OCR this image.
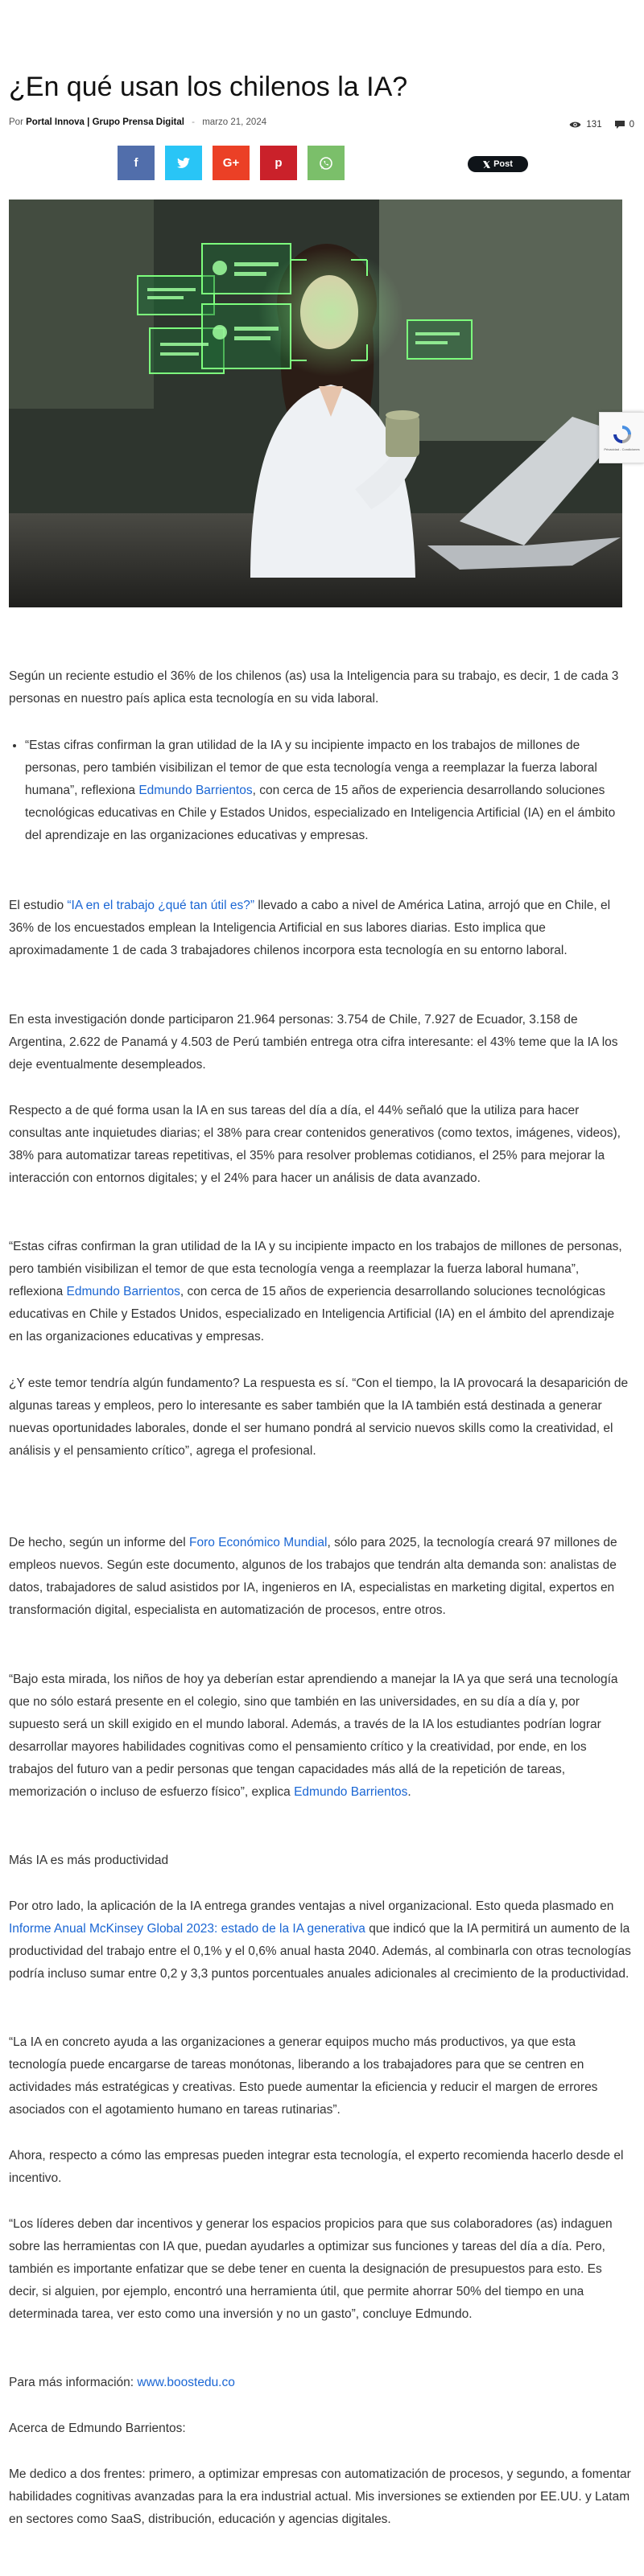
¿En qué usan los chilenos la IA?
Por Portal Innova | Grupo Prensa Digital - marzo 21, 2024	131	0
f	G+	p	Post
Privacidad - Condiciones

Según un reciente estudio el 36% de los chilenos (as) usa la Inteligencia para su trabajo, es decir, 1 de cada 3 personas en nuestro país aplica esta tecnología en su vida laboral.

• “Estas cifras confirman la gran utilidad de la IA y su incipiente impacto en los trabajos de millones de personas, pero también visibilizan el temor de que esta tecnología venga a reemplazar la fuerza laboral humana”, reflexiona Edmundo Barrientos, con cerca de 15 años de experiencia desarrollando soluciones tecnológicas educativas en Chile y Estados Unidos, especializado en Inteligencia Artificial (IA) en el ámbito del aprendizaje en las organizaciones educativas y empresas.

El estudio “IA en el trabajo ¿qué tan útil es?” llevado a cabo a nivel de América Latina, arrojó que en Chile, el 36% de los encuestados emplean la Inteligencia Artificial en sus labores diarias. Esto implica que aproximadamente 1 de cada 3 trabajadores chilenos incorpora esta tecnología en su entorno laboral.

En esta investigación donde participaron 21.964 personas: 3.754 de Chile, 7.927 de Ecuador, 3.158 de Argentina, 2.622 de Panamá y 4.503 de Perú también entrega otra cifra interesante: el 43% teme que la IA los deje eventualmente desempleados.

Respecto a de qué forma usan la IA en sus tareas del día a día, el 44% señaló que la utiliza para hacer consultas ante inquietudes diarias; el 38% para crear contenidos generativos (como textos, imágenes, videos), 38% para automatizar tareas repetitivas, el 35% para resolver problemas cotidianos, el 25% para mejorar la interacción con entornos digitales; y el 24% para hacer un análisis de data avanzado.

“Estas cifras confirman la gran utilidad de la IA y su incipiente impacto en los trabajos de millones de personas, pero también visibilizan el temor de que esta tecnología venga a reemplazar la fuerza laboral humana”, reflexiona Edmundo Barrientos, con cerca de 15 años de experiencia desarrollando soluciones tecnológicas educativas en Chile y Estados Unidos, especializado en Inteligencia Artificial (IA) en el ámbito del aprendizaje en las organizaciones educativas y empresas.

¿Y este temor tendría algún fundamento? La respuesta es sí. “Con el tiempo, la IA provocará la desaparición de algunas tareas y empleos, pero lo interesante es saber también que la IA también está destinada a generar nuevas oportunidades laborales, donde el ser humano pondrá al servicio nuevos skills como la creatividad, el análisis y el pensamiento crítico”, agrega el profesional.

De hecho, según un informe del Foro Económico Mundial, sólo para 2025, la tecnología creará 97 millones de empleos nuevos. Según este documento, algunos de los trabajos que tendrán alta demanda son: analistas de datos, trabajadores de salud asistidos por IA, ingenieros en IA, especialistas en marketing digital, expertos en transformación digital, especialista en automatización de procesos, entre otros.

“Bajo esta mirada, los niños de hoy ya deberían estar aprendiendo a manejar la IA ya que será una tecnología que no sólo estará presente en el colegio, sino que también en las universidades, en su día a día y, por supuesto será un skill exigido en el mundo laboral. Además, a través de la IA los estudiantes podrían lograr desarrollar mayores habilidades cognitivas como el pensamiento crítico y la creatividad, por ende, en los trabajos del futuro van a pedir personas que tengan capacidades más allá de la repetición de tareas, memorización o incluso de esfuerzo físico”, explica Edmundo Barrientos.

Más IA es más productividad

Por otro lado, la aplicación de la IA entrega grandes ventajas a nivel organizacional. Esto queda plasmado en Informe Anual McKinsey Global 2023: estado de la IA generativa que indicó que la IA permitirá un aumento de la productividad del trabajo entre el 0,1% y el 0,6% anual hasta 2040. Además, al combinarla con otras tecnologías podría incluso sumar entre 0,2 y 3,3 puntos porcentuales anuales adicionales al crecimiento de la productividad.

“La IA en concreto ayuda a las organizaciones a generar equipos mucho más productivos, ya que esta tecnología puede encargarse de tareas monótonas, liberando a los trabajadores para que se centren en actividades más estratégicas y creativas. Esto puede aumentar la eficiencia y reducir el margen de errores asociados con el agotamiento humano en tareas rutinarias”.

Ahora, respecto a cómo las empresas pueden integrar esta tecnología, el experto recomienda hacerlo desde el incentivo.

“Los líderes deben dar incentivos y generar los espacios propicios para que sus colaboradores (as) indaguen sobre las herramientas con IA que, puedan ayudarles a optimizar sus funciones y tareas del día a día. Pero, también es importante enfatizar que se debe tener en cuenta la designación de presupuestos para esto. Es decir, si alguien, por ejemplo, encontró una herramienta útil, que permite ahorrar 50% del tiempo en una determinada tarea, ver esto como una inversión y no un gasto”, concluye Edmundo.

Para más información: www.boostedu.co

Acerca de Edmundo Barrientos:

Me dedico a dos frentes: primero, a optimizar empresas con automatización de procesos, y segundo, a fomentar habilidades cognitivas avanzadas para la era industrial actual. Mis inversiones se extienden por EE.UU. y Latam en sectores como SaaS, distribución, educación y agencias digitales.
